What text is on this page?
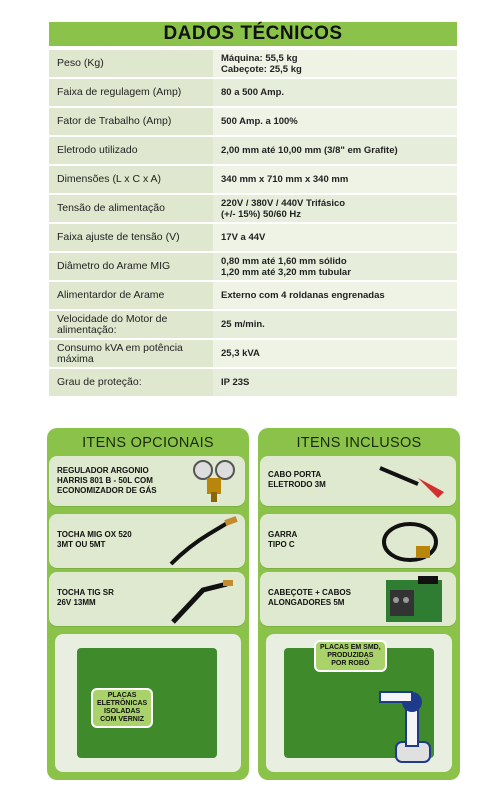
DADOS TÉCNICOS
Peso (Kg)	Máquina: 55,5 kg
Cabeçote: 25,5 kg

Faixa de regulagem (Amp)	80 a 500 Amp.

Fator de Trabalho (Amp)	500 Amp. a 100%

Eletrodo utilizado	2,00 mm até 10,00 mm (3/8" em Grafite)

Dimensões (L x C x A)	340 mm x 710 mm x 340 mm

Tensão de alimentação	220V / 380V / 440V Trifásico
(+/- 15%) 50/60 Hz

Faixa ajuste de tensão (V)	17V a 44V

Diâmetro do Arame MIG	0,80 mm até 1,60 mm sólido
1,20 mm até 3,20 mm tubular

Alimentardor de Arame	Externo com 4 roldanas engrenadas

Velocidade do Motor de alimentação:	25 m/min.

Consumo kVA em potência máxima	25,3 kVA

Grau de proteção:	IP 23S
ITENS OPCIONAIS
REGULADOR ARGONIO
HARRIS 801 B - 50L COM
ECONOMIZADOR DE GÁS
TOCHA MIG OX 520
3MT OU 5MT
TOCHA TIG SR
26V 13MM
PLACAS
ELETRÔNICAS
ISOLADAS
COM VERNIZ
ITENS INCLUSOS
CABO PORTA
ELETRODO 3M
GARRA
TIPO C
CABEÇOTE + CABOS
ALONGADORES 5M
PLACAS EM SMD,
PRODUZIDAS
POR ROBÔ
